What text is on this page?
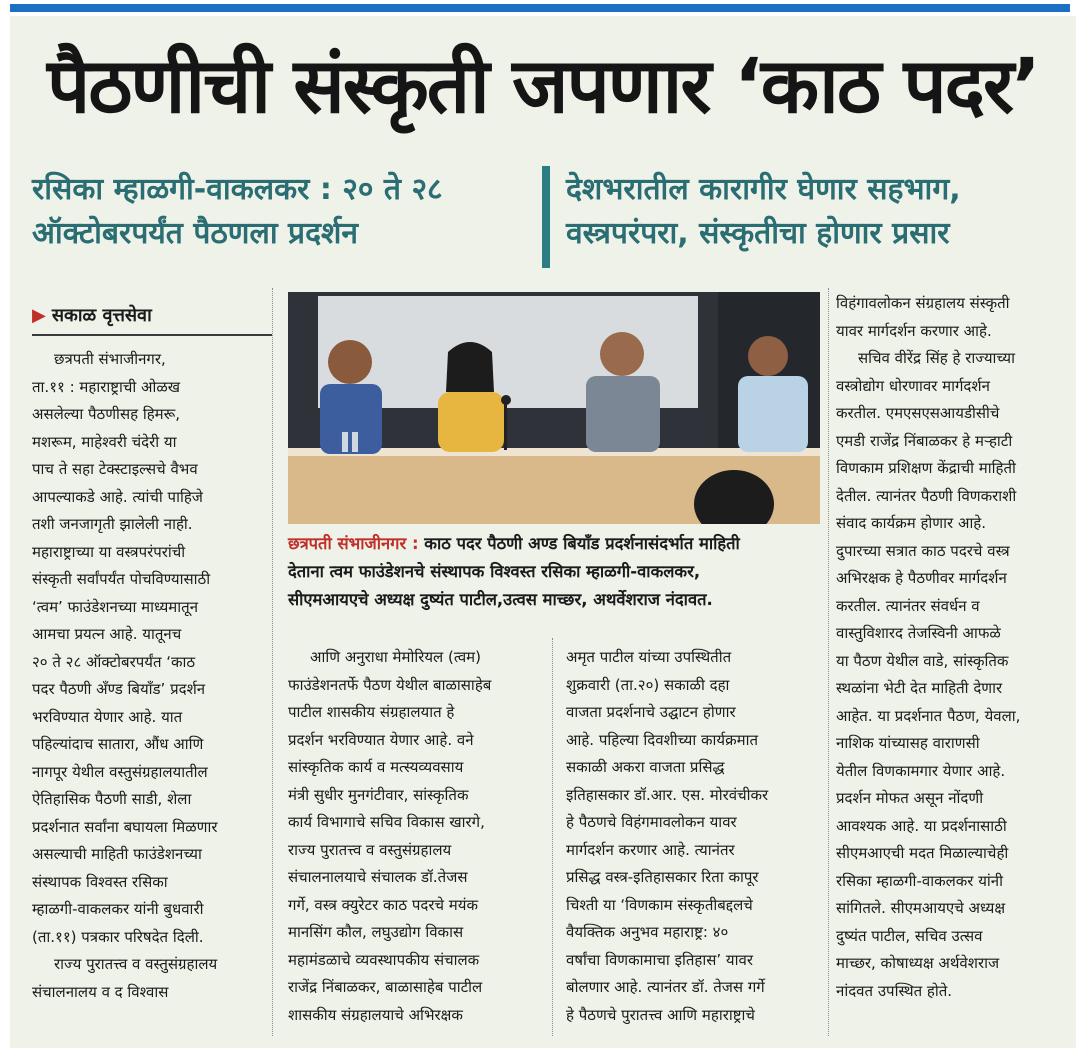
पैठणीची संस्कृती जपणार ‘काठ पदर’
रसिका म्हाळगी-वाकलकर : २० ते २८
ऑक्टोबरपर्यंत पैठणला प्रदर्शन
देशभरातील कारागीर घेणार सहभाग,
वस्त्रपरंपरा, संस्कृतीचा होणार प्रसार
▶ सकाळ वृत्तसेवा

छत्रपती संभाजीनगर,

ता.११ : महाराष्ट्राची ओळख

असलेल्या पैठणीसह हिमरू,

मशरूम, माहेश्वरी चंदेरी या

पाच ते सहा टेक्स्टाइल्सचे वैभव

आपल्याकडे आहे. त्यांची पाहिजे

तशी जनजागृती झालेली नाही.

महाराष्ट्राच्या या वस्त्रपरंपरांची

संस्कृती सर्वांपर्यंत पोचविण्यासाठी

‘त्वम’ फाउंडेशनच्या माध्यमातून

आमचा प्रयत्न आहे. यातूनच

२० ते २८ ऑक्टोबरपर्यंत ‘काठ

पदर पैठणी अँण्ड बियाँड’ प्रदर्शन

भरविण्यात येणार आहे. यात

पहिल्यांदाच सातारा, औंध आणि

नागपूर येथील वस्तुसंग्रहालयातील

ऐतिहासिक पैठणी साडी, शेला

प्रदर्शनात सर्वांना बघायला मिळणार

असल्याची माहिती फाउंडेशनच्या

संस्थापक विश्वस्त रसिका

म्हाळगी-वाकलकर यांनी बुधवारी

(ता.११) पत्रकार परिषदेत दिली.

राज्य पुरातत्त्व व वस्तुसंग्रहालय

संचालनालय व द विश्वास

छत्रपती संभाजीनगर : काठ पदर पैठणी अण्ड बियाँड प्रदर्शनासंदर्भात माहिती
देताना त्वम फाउंडेशनचे संस्थापक विश्वस्त रसिका म्हाळगी-वाकलकर,
सीएमआयएचे अध्यक्ष दुष्यंत पाटील,उत्वस माच्छर, अथर्वेशराज नंदावत.

आणि अनुराधा मेमोरियल (त्वम)

फाउंडेशनतर्फे पैठण येथील बाळासाहेब

पाटील शासकीय संग्रहालयात हे

प्रदर्शन भरविण्यात येणार आहे. वने

सांस्कृतिक कार्य व मत्स्यव्यवसाय

मंत्री सुधीर मुनगंटीवार, सांस्कृतिक

कार्य विभागाचे सचिव विकास खारगे,

राज्य पुरातत्त्व व वस्तुसंग्रहालय

संचालनालयाचे संचालक डॉ.तेजस

गर्गे, वस्त्र क्युरेटर काठ पदरचे मयंक

मानसिंग कौल, लघुउद्योग विकास

महामंडळाचे व्यवस्थापकीय संचालक

राजेंद्र निंबाळकर, बाळासाहेब पाटील

शासकीय संग्रहालयाचे अभिरक्षक

अमृत पाटील यांच्या उपस्थितीत

शुक्रवारी (ता.२०) सकाळी दहा

वाजता प्रदर्शनाचे उद्घाटन होणार

आहे. पहिल्या दिवशीच्या कार्यक्रमात

सकाळी अकरा वाजता प्रसिद्ध

इतिहासकार डॉ.आर. एस. मोरवंचीकर

हे पैठणचे विहंगमावलोकन यावर

मार्गदर्शन करणार आहे. त्यानंतर

प्रसिद्ध वस्त्र-इतिहासकार रिता कापूर

चिश्ती या ‘विणकाम संस्कृतीबद्दलचे

वैयक्तिक अनुभव महाराष्ट्र: ४०

वर्षांचा विणकामाचा इतिहास’ यावर

बोलणार आहे. त्यानंतर डॉ. तेजस गर्गे

हे पैठणचे पुरातत्त्व आणि महाराष्ट्राचे

विहंगावलोकन संग्रहालय संस्कृती

यावर मार्गदर्शन करणार आहे.

सचिव वीरेंद्र सिंह हे राज्याच्या

वस्त्रोद्योग धोरणावर मार्गदर्शन

करतील. एमएसएसआयडीसीचे

एमडी राजेंद्र निंबाळकर हे मऱ्हाटी

विणकाम प्रशिक्षण केंद्राची माहिती

देतील. त्यानंतर पैठणी विणकराशी

संवाद कार्यक्रम होणार आहे.

दुपारच्या सत्रात काठ पदरचे वस्त्र

अभिरक्षक हे पैठणीवर मार्गदर्शन

करतील. त्यानंतर संवर्धन व

वास्तुविशारद तेजस्विनी आफळे

या पैठण येथील वाडे, सांस्कृतिक

स्थळांना भेटी देत माहिती देणार

आहेत. या प्रदर्शनात पैठण, येवला,

नाशिक यांच्यासह वाराणसी

येतील विणकामगार येणार आहे.

प्रदर्शन मोफत असून नोंदणी

आवश्यक आहे. या प्रदर्शनासाठी

सीएमआएची मदत मिळाल्याचेही

रसिका म्हाळगी-वाकलकर यांनी

सांगितले. सीएमआयएचे अध्यक्ष

दुष्यंत पाटील, सचिव उत्सव

माच्छर, कोषाध्यक्ष अर्थवेशराज

नांदवत उपस्थित होते.
